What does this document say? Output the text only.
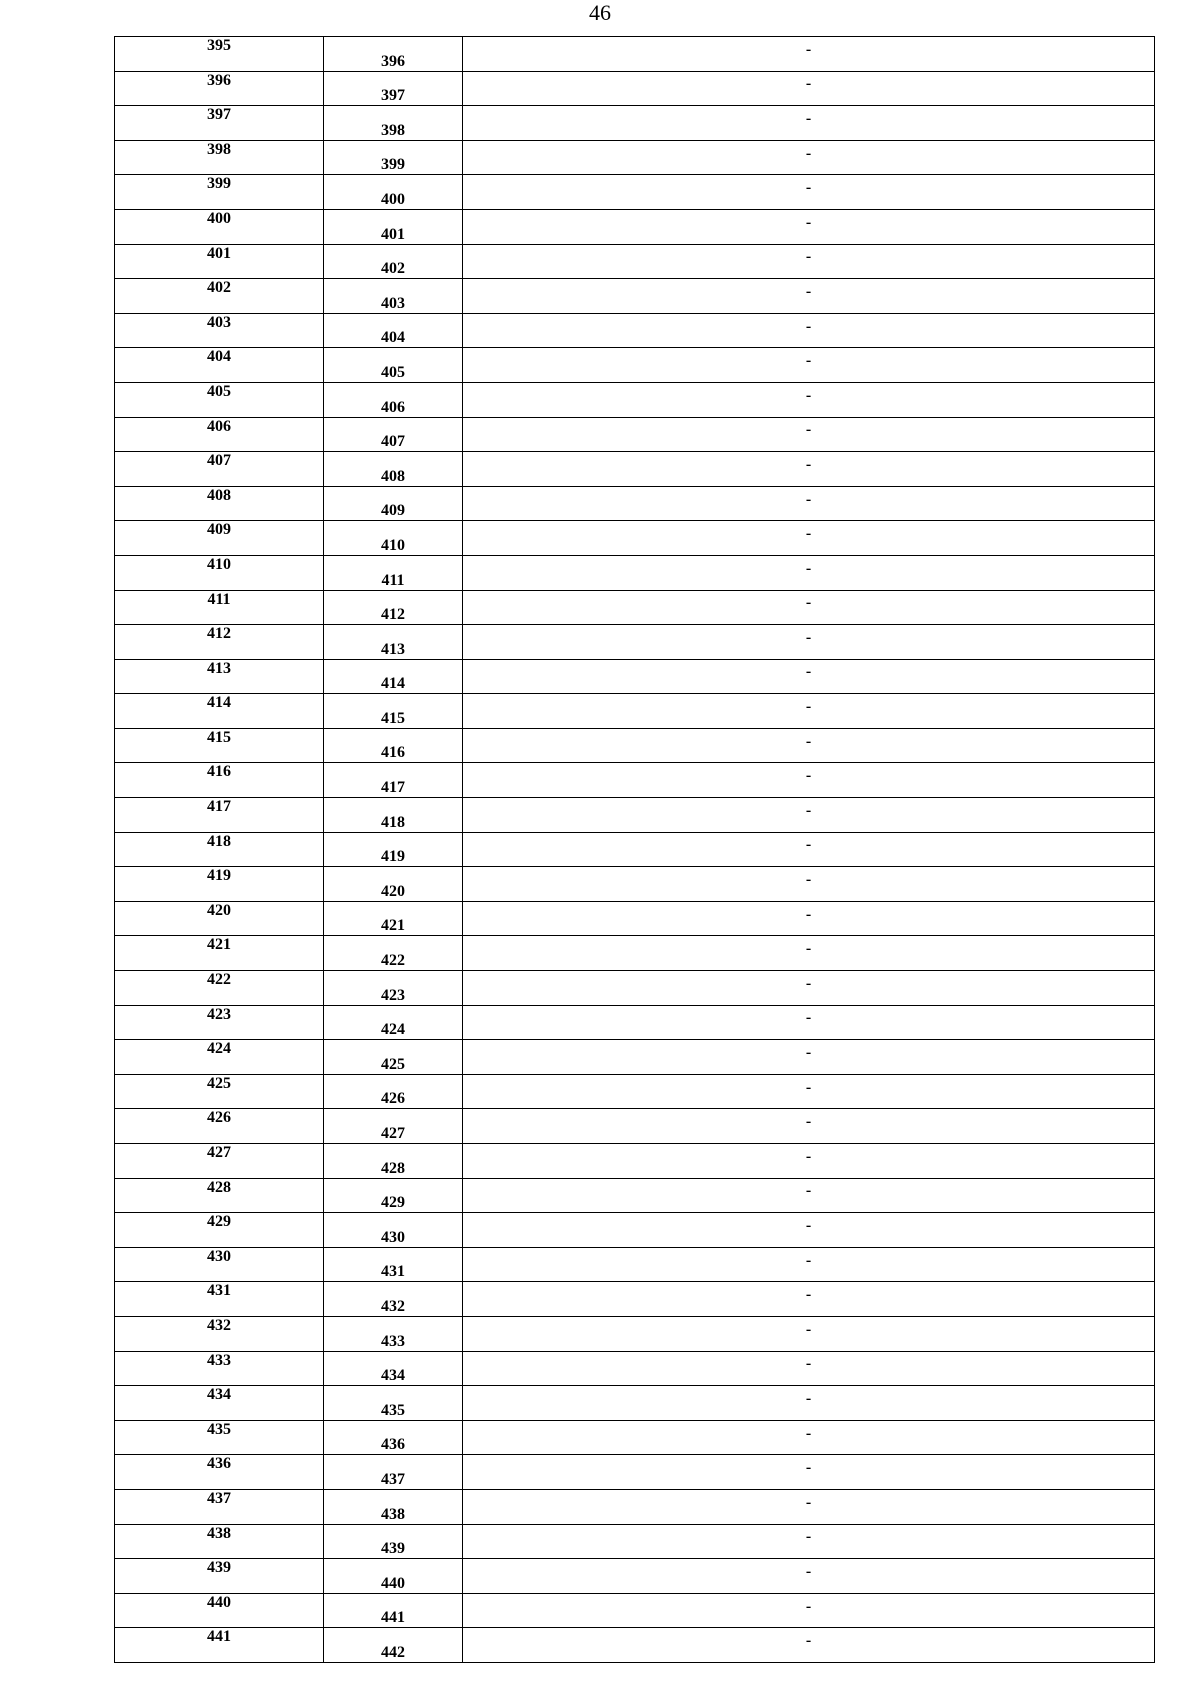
46
395	396	-
396	397	-
397	398	-
398	399	-
399	400	-
400	401	-
401	402	-
402	403	-
403	404	-
404	405	-
405	406	-
406	407	-
407	408	-
408	409	-
409	410	-
410	411	-
411	412	-
412	413	-
413	414	-
414	415	-
415	416	-
416	417	-
417	418	-
418	419	-
419	420	-
420	421	-
421	422	-
422	423	-
423	424	-
424	425	-
425	426	-
426	427	-
427	428	-
428	429	-
429	430	-
430	431	-
431	432	-
432	433	-
433	434	-
434	435	-
435	436	-
436	437	-
437	438	-
438	439	-
439	440	-
440	441	-
441	442	-
